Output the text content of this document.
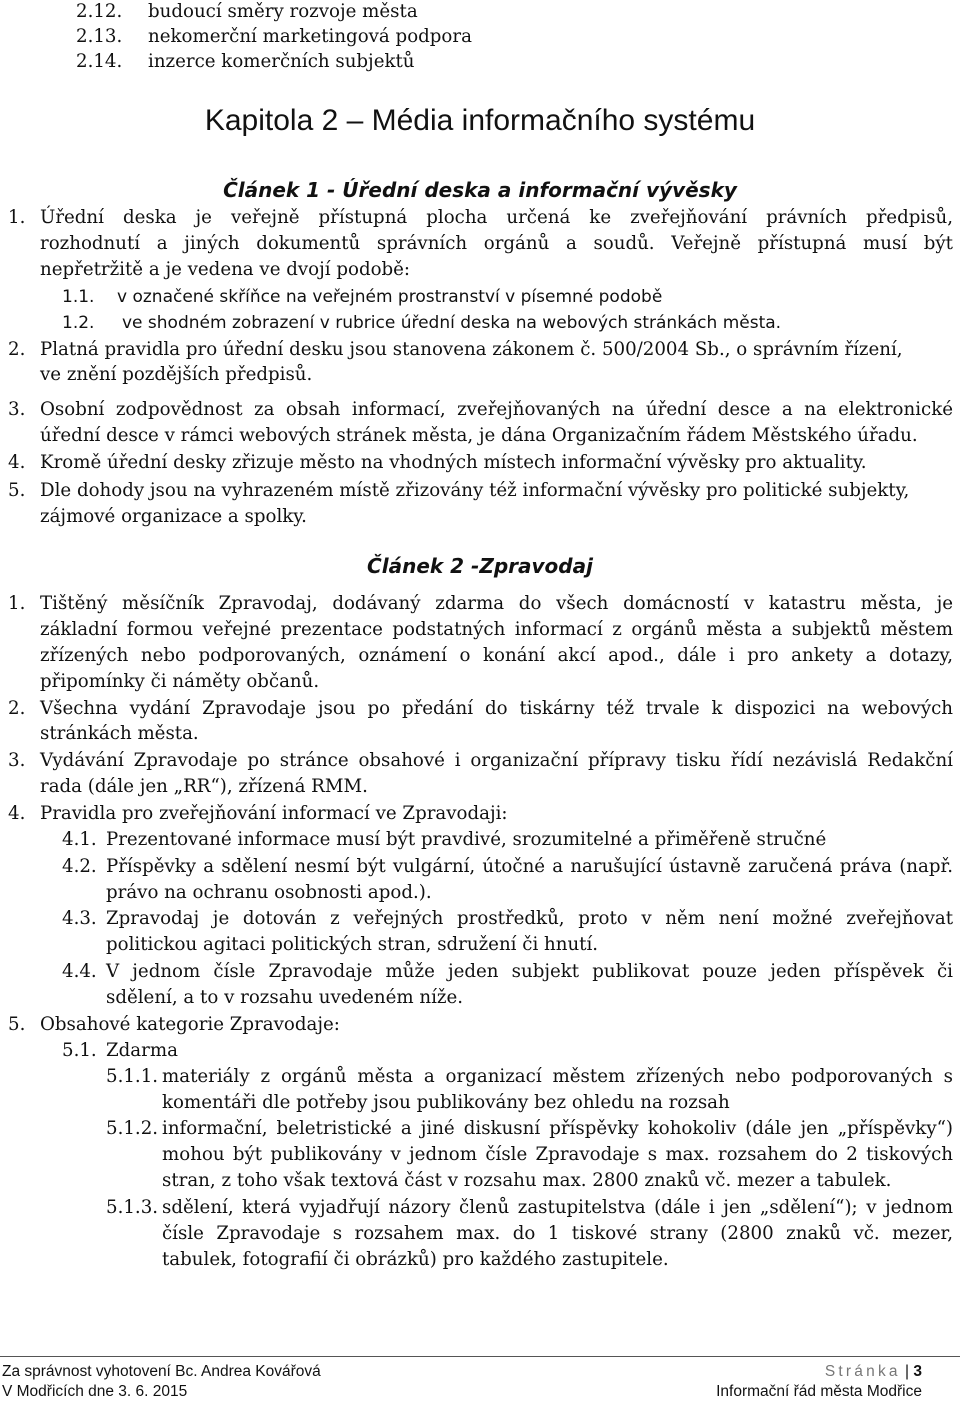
2.12. budoucí směry rozvoje města
2.13. nekomerční marketingová podpora
2.14. inzerce komerčních subjektů
Kapitola 2 – Média informačního systému
Článek 1 - Úřední deska a informační vývěsky
1. Úřední deska je veřejně přístupná plocha určená ke zveřejňování právních předpisů,
rozhodnutí a jiných dokumentů správních orgánů a soudů. Veřejně přístupná musí být
nepřetržitě a je vedena ve dvojí podobě:
1.1. v označené skříňce na veřejném prostranství v písemné podobě
1.2. ve shodném zobrazení v rubrice úřední deska na webových stránkách města.
2. Platná pravidla pro úřední desku jsou stanovena zákonem č. 500/2004 Sb., o správním řízení,
ve znění pozdějších předpisů.
3. Osobní zodpovědnost za obsah informací, zveřejňovaných na úřední desce a na elektronické
úřední desce v rámci webových stránek města, je dána Organizačním řádem Městského úřadu.
4. Kromě úřední desky zřizuje město na vhodných místech informační vývěsky pro aktuality.
5. Dle dohody jsou na vyhrazeném místě zřizovány též informační vývěsky pro politické subjekty,
zájmové organizace a spolky.
Článek 2 -Zpravodaj
1. Tištěný měsíčník Zpravodaj, dodávaný zdarma do všech domácností v katastru města, je
základní formou veřejné prezentace podstatných informací z orgánů města a subjektů městem
zřízených nebo podporovaných, oznámení o konání akcí apod., dále i pro ankety a dotazy,
připomínky či náměty občanů.
2. Všechna vydání Zpravodaje jsou po předání do tiskárny též trvale k dispozici na webových
stránkách města.
3. Vydávání Zpravodaje po stránce obsahové i organizační přípravy tisku řídí nezávislá Redakční
rada (dále jen „RR“), zřízená RMM.
4. Pravidla pro zveřejňování informací ve Zpravodaji:
4.1. Prezentované informace musí být pravdivé, srozumitelné a přiměřeně stručné
4.2. Příspěvky a sdělení nesmí být vulgární, útočné a narušující ústavně zaručená práva (např.
právo na ochranu osobnosti apod.).
4.3. Zpravodaj je dotován z veřejných prostředků, proto v něm není možné zveřejňovat
politickou agitaci politických stran, sdružení či hnutí.
4.4. V jednom čísle Zpravodaje může jeden subjekt publikovat pouze jeden příspěvek či
sdělení, a to v rozsahu uvedeném níže.
5. Obsahové kategorie Zpravodaje:
5.1. Zdarma
5.1.1. materiály z orgánů města a organizací městem zřízených nebo podporovaných s
komentáři dle potřeby jsou publikovány bez ohledu na rozsah
5.1.2. informační, beletristické a jiné diskusní příspěvky kohokoliv (dále jen „příspěvky“)
mohou být publikovány v jednom čísle Zpravodaje s max. rozsahem do 2 tiskových
stran, z toho však textová část v rozsahu max. 2800 znaků vč. mezer a tabulek.
5.1.3. sdělení, která vyjadřují názory členů zastupitelstva (dále i jen „sdělení“); v jednom
čísle Zpravodaje s rozsahem max. do 1 tiskové strany (2800 znaků vč. mezer,
tabulek, fotografií či obrázků) pro každého zastupitele.
Za správnost vyhotovení Bc. Andrea Kovářová
V Modřicích dne 3. 6. 2015
Stránka | 3
Informační řád města Modřice
